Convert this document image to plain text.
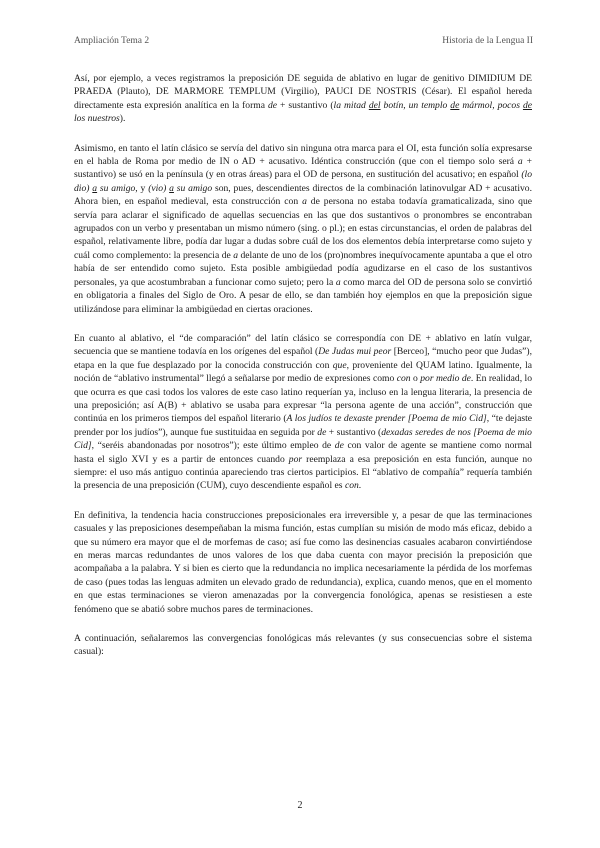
Ampliación Tema 2	Historia de la Lengua II

Así, por ejemplo, a veces registramos la preposición DE seguida de ablativo en lugar de genitivo DIMIDIUM DE PRAEDA (Plauto), DE MARMORE TEMPLUM (Virgilio), PAUCI DE NOSTRIS (César). El español hereda directamente esta expresión analítica en la forma de + sustantivo (la mitad del botín, un templo de mármol, pocos de los nuestros).

Asimismo, en tanto el latín clásico se servía del dativo sin ninguna otra marca para el OI, esta función solía expresarse en el habla de Roma por medio de IN o AD + acusativo. Idéntica construcción (que con el tiempo solo será a + sustantivo) se usó en la península (y en otras áreas) para el OD de persona, en sustitución del acusativo; en español (lo dio) a su amigo, y (vio) a su amigo son, pues, descendientes directos de la combinación latinovulgar AD + acusativo. Ahora bien, en español medieval, esta construcción con a de persona no estaba todavía gramaticalizada, sino que servía para aclarar el significado de aquellas secuencias en las que dos sustantivos o pronombres se encontraban agrupados con un verbo y presentaban un mismo número (sing. o pl.); en estas circunstancias, el orden de palabras del español, relativamente libre, podía dar lugar a dudas sobre cuál de los dos elementos debía interpretarse como sujeto y cuál como complemento: la presencia de a delante de uno de los (pro)nombres inequívocamente apuntaba a que el otro había de ser entendido como sujeto. Esta posible ambigüedad podía agudizarse en el caso de los sustantivos personales, ya que acostumbraban a funcionar como sujeto; pero la a como marca del OD de persona solo se convirtió en obligatoria a finales del Siglo de Oro. A pesar de ello, se dan también hoy ejemplos en que la preposición sigue utilizándose para eliminar la ambigüedad en ciertas oraciones.

En cuanto al ablativo, el “de comparación” del latín clásico se correspondía con DE + ablativo en latín vulgar, secuencia que se mantiene todavía en los orígenes del español (De Judas mui peor [Berceo], “mucho peor que Judas”), etapa en la que fue desplazado por la conocida construcción con que, proveniente del QUAM latino. Igualmente, la noción de “ablativo instrumental” llegó a señalarse por medio de expresiones como con o por medio de. En realidad, lo que ocurra es que casi todos los valores de este caso latino requerían ya, incluso en la lengua literaria, la presencia de una preposición; así A(B) + ablativo se usaba para expresar “la persona agente de una acción”, construcción que continúa en los primeros tiempos del español literario (A los judíos te dexaste prender [Poema de mio Cid], “te dejaste prender por los judíos”), aunque fue sustituidaa en seguida por de + sustantivo (dexadas seredes de nos [Poema de mio Cid], “seréis abandonadas por nosotros”); este último empleo de de con valor de agente se mantiene como normal hasta el siglo XVI y es a partir de entonces cuando por reemplaza a esa preposición en esta función, aunque no siempre: el uso más antiguo continúa apareciendo tras ciertos participios. El “ablativo de compañía” requería también la presencia de una preposición (CUM), cuyo descendiente español es con.

En definitiva, la tendencia hacia construcciones preposicionales era irreversible y, a pesar de que las terminaciones casuales y las preposiciones desempeñaban la misma función, estas cumplían su misión de modo más eficaz, debido a que su número era mayor que el de morfemas de caso; así fue como las desinencias casuales acabaron convirtiéndose en meras marcas redundantes de unos valores de los que daba cuenta con mayor precisión la preposición que acompañaba a la palabra. Y si bien es cierto que la redundancia no implica necesariamente la pérdida de los morfemas de caso (pues todas las lenguas admiten un elevado grado de redundancia), explica, cuando menos, que en el momento en que estas terminaciones se vieron amenazadas por la convergencia fonológica, apenas se resistiesen a este fenómeno que se abatió sobre muchos pares de terminaciones.

A continuación, señalaremos las convergencias fonológicas más relevantes (y sus consecuencias sobre el sistema casual):

2
